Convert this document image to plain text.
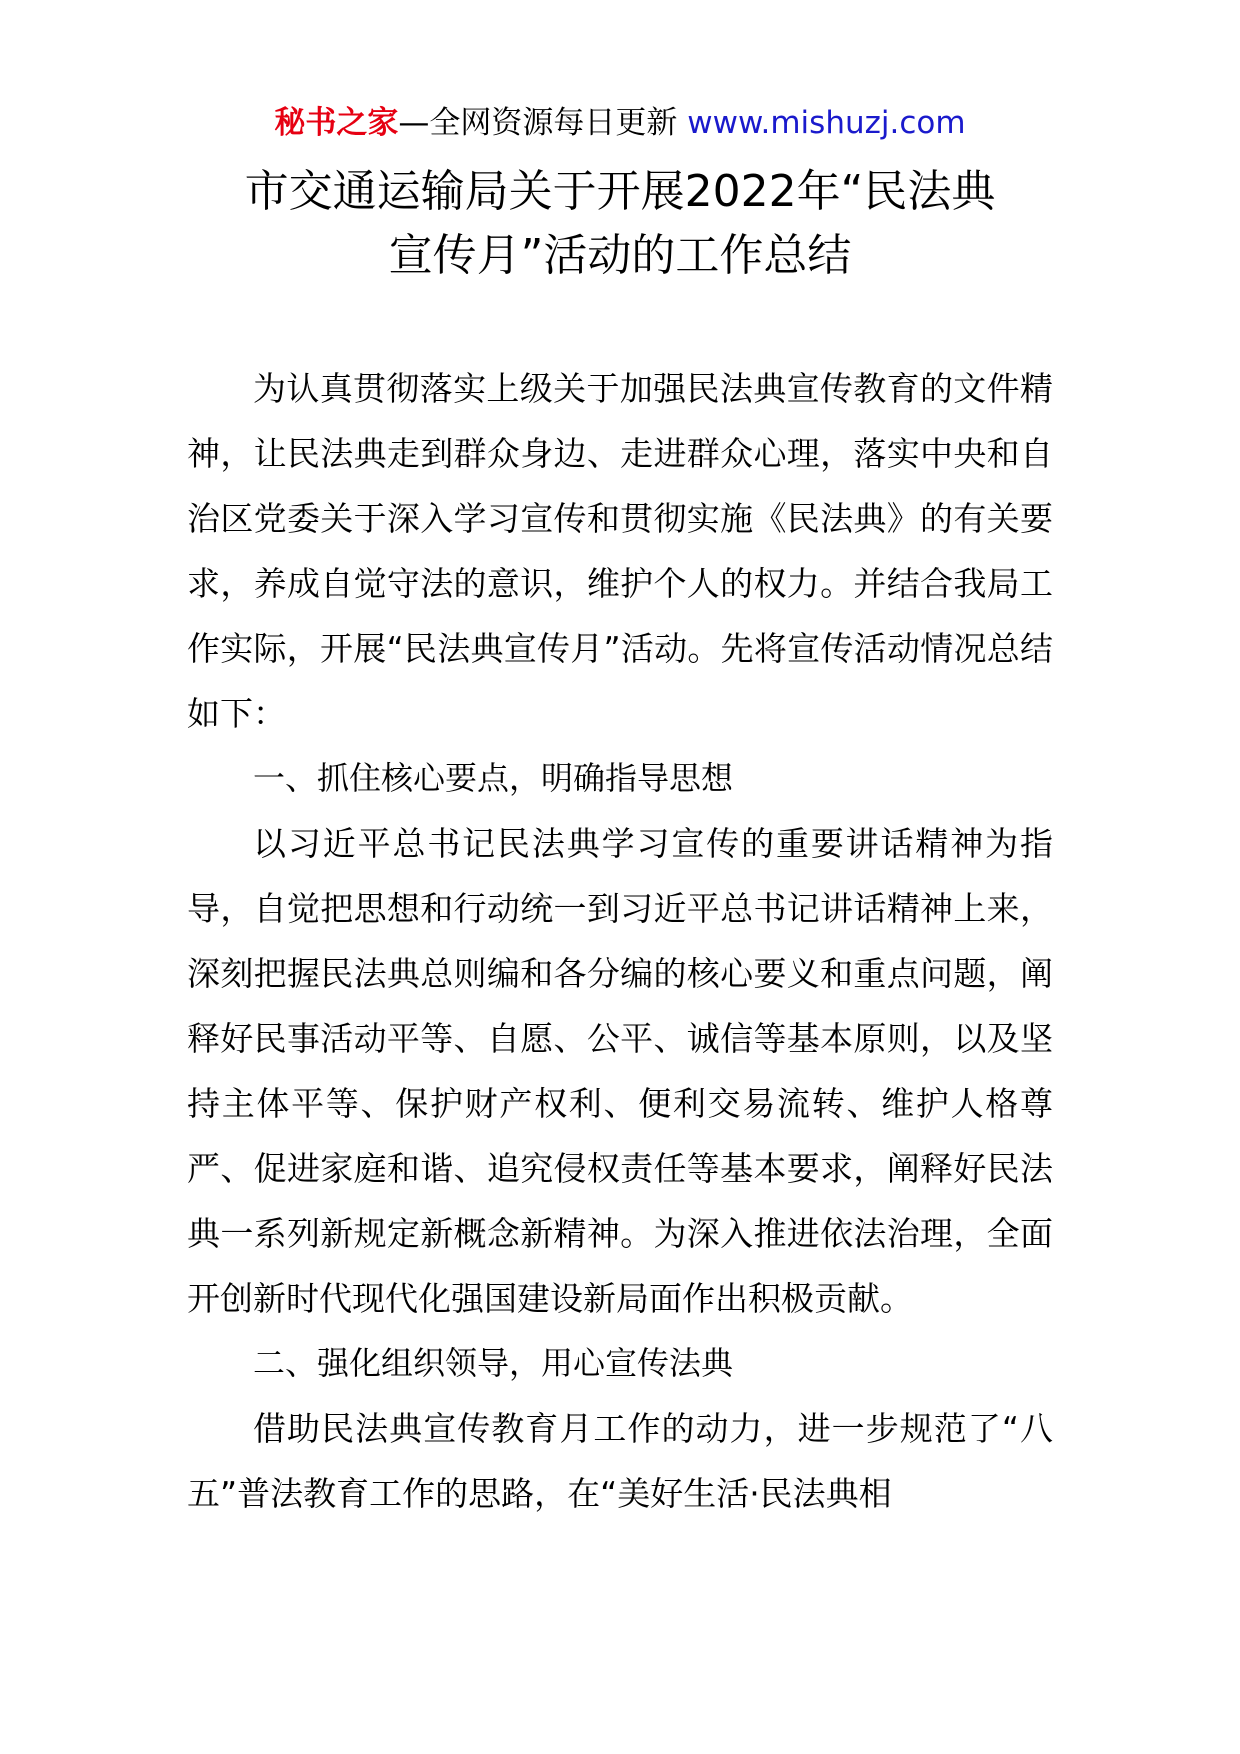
秘书之家—全网资源每日更新 www.mishuzj.com
市交通运输局关于开展2022年“民法典
宣传月”活动的工作总结

为认真贯彻落实上级关于加强民法典宣传教育的文件精神，让民法典走到群众身边、走进群众心理，落实中央和自治区党委关于深入学习宣传和贯彻实施《民法典》的有关要求，养成自觉守法的意识，维护个人的权力。并结合我局工作实际，开展“民法典宣传月”活动。先将宣传活动情况总结如下：

一、抓住核心要点，明确指导思想

以习近平总书记民法典学习宣传的重要讲话精神为指导，自觉把思想和行动统一到习近平总书记讲话精神上来，深刻把握民法典总则编和各分编的核心要义和重点问题，阐释好民事活动平等、自愿、公平、诚信等基本原则，以及坚持主体平等、保护财产权利、便利交易流转、维护人格尊严、促进家庭和谐、追究侵权责任等基本要求，阐释好民法典一系列新规定新概念新精神。为深入推进依法治理，全面开创新时代现代化强国建设新局面作出积极贡献。

二、强化组织领导，用心宣传法典

借助民法典宣传教育月工作的动力，进一步规范了“八五”普法教育工作的思路，在“美好生活·民法典相
